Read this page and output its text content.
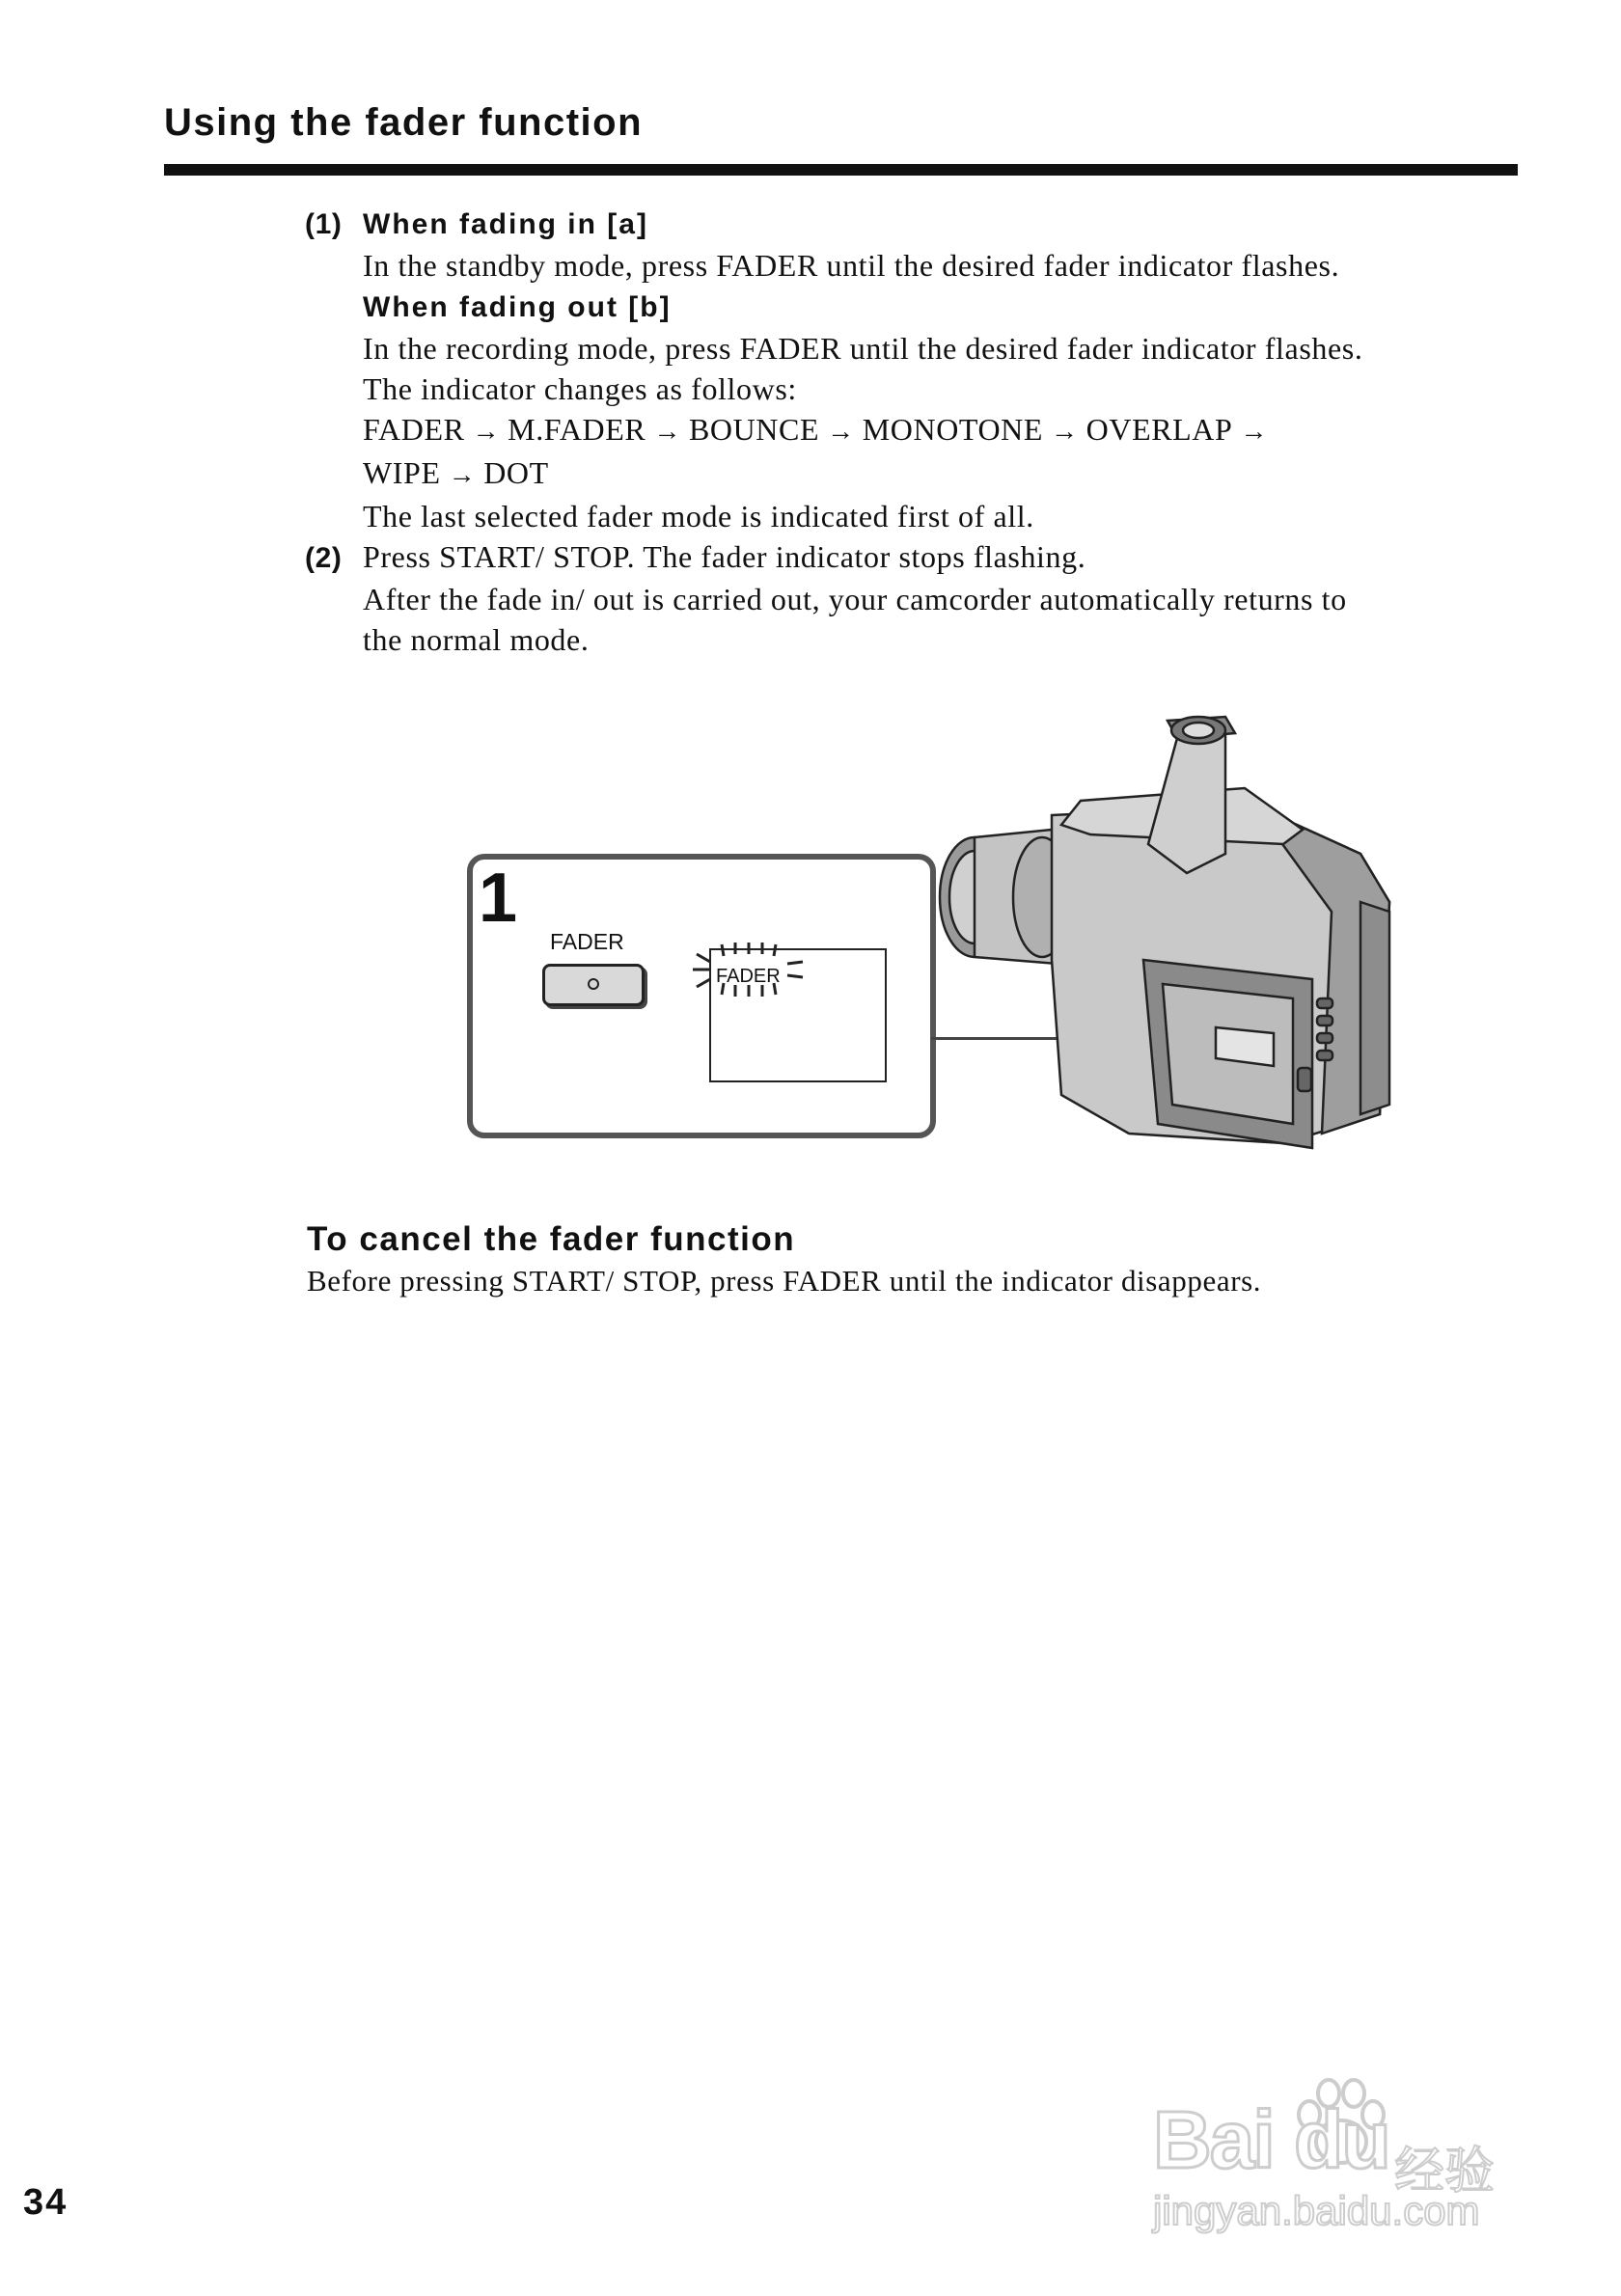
Using the fader function
(1) When fading in [a]
In the standby mode, press FADER until the desired fader indicator flashes.
When fading out [b]
In the recording mode, press FADER until the desired fader indicator flashes.
The indicator changes as follows:
FADER → M.FADER → BOUNCE → MONOTONE → OVERLAP →
WIPE → DOT
The last selected fader mode is indicated first of all.
(2) Press START/ STOP. The fader indicator stops flashing.
After the fade in/ out is carried out, your camcorder automatically returns to
the normal mode.
1
FADER
FADER
To cancel the fader function
Before pressing START/ STOP, press FADER until the indicator disappears.
34
Bai du 经验
jingyan.baidu.com
